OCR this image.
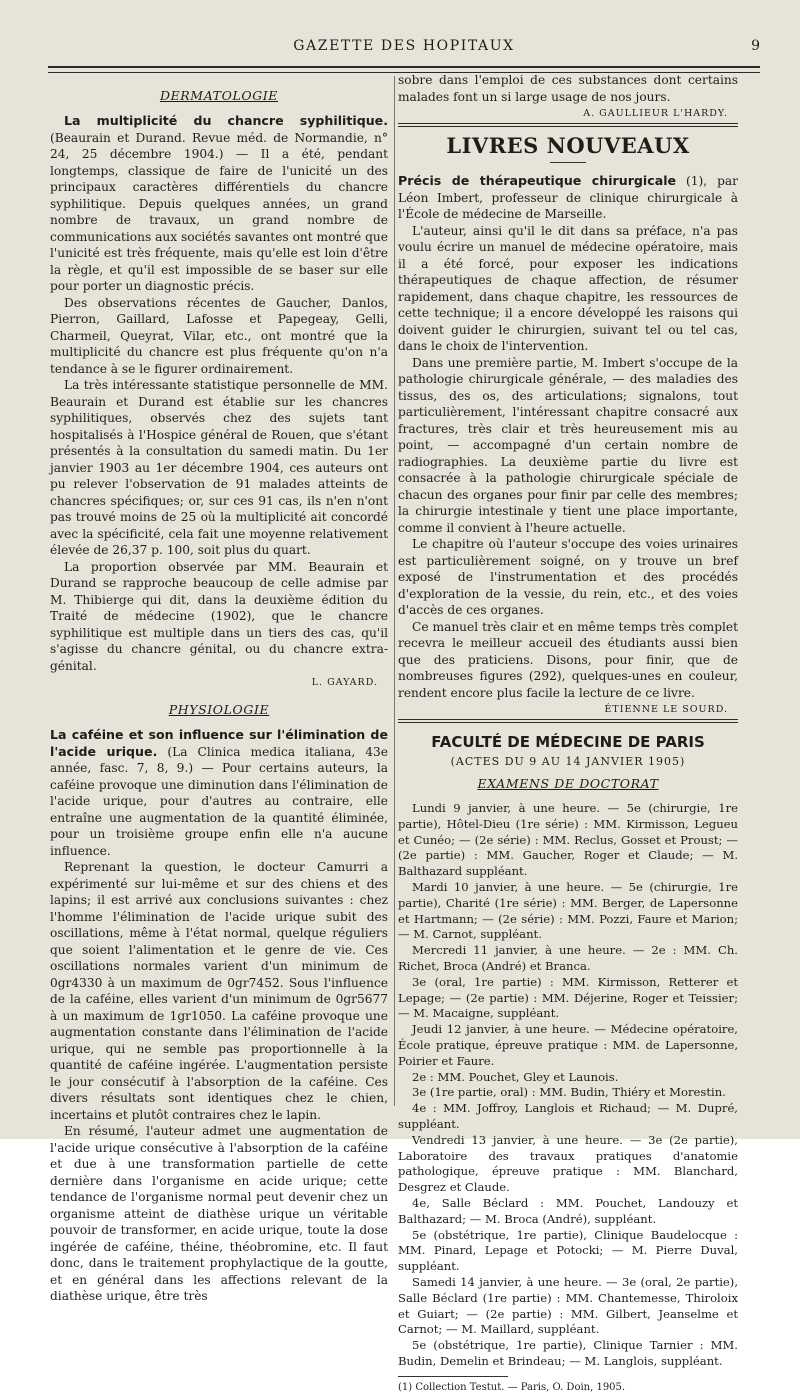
GAZETTE DES HOPITAUX	9
DERMATOLOGIE

La multiplicité du chancre syphilitique. (Beaurain et Durand. Revue méd. de Normandie, n° 24, 25 décembre 1904.) — Il a été, pendant longtemps, classique de faire de l'unicité un des principaux caractères différentiels du chancre syphilitique. Depuis quelques années, un grand nombre de travaux, un grand nombre de communications aux sociétés savantes ont montré que l'unicité est très fréquente, mais qu'elle est loin d'être la règle, et qu'il est impossible de se baser sur elle pour porter un diagnostic précis.

Des observations récentes de Gaucher, Danlos, Pierron, Gaillard, Lafosse et Papegeay, Gelli, Charmeil, Queyrat, Vilar, etc., ont montré que la multiplicité du chancre est plus fréquente qu'on n'a tendance à se le figurer ordinairement.

La très intéressante statistique personnelle de MM. Beaurain et Durand est établie sur les chancres syphilitiques, observés chez des sujets tant hospitalisés à l'Hospice général de Rouen, que s'étant présentés à la consultation du samedi matin. Du 1er janvier 1903 au 1er décembre 1904, ces auteurs ont pu relever l'observation de 91 malades atteints de chancres spécifiques; or, sur ces 91 cas, ils n'en n'ont pas trouvé moins de 25 où la multiplicité ait concordé avec la spécificité, cela fait une moyenne relativement élevée de 26,37 p. 100, soit plus du quart.

La proportion observée par MM. Beaurain et Durand se rapproche beaucoup de celle admise par M. Thibierge qui dit, dans la deuxième édition du Traité de médecine (1902), que le chancre syphilitique est multiple dans un tiers des cas, qu'il s'agisse du chancre génital, ou du chancre extra-génital.

L. GAYARD.
PHYSIOLOGIE

La caféine et son influence sur l'élimination de l'acide urique. (La Clinica medica italiana, 43e année, fasc. 7, 8, 9.) — Pour certains auteurs, la caféine provoque une diminution dans l'élimination de l'acide urique, pour d'autres au contraire, elle entraîne une augmentation de la quantité éliminée, pour un troisième groupe enfin elle n'a aucune influence.

Reprenant la question, le docteur Camurri a expérimenté sur lui-même et sur des chiens et des lapins; il est arrivé aux conclusions suivantes : chez l'homme l'élimination de l'acide urique subit des oscillations, même à l'état normal, quelque réguliers que soient l'alimentation et le genre de vie. Ces oscillations normales varient d'un minimum de 0gr4330 à un maximum de 0gr7452. Sous l'influence de la caféine, elles varient d'un minimum de 0gr5677 à un maximum de 1gr1050. La caféine provoque une augmentation constante dans l'élimination de l'acide urique, qui ne semble pas proportionnelle à la quantité de caféine ingérée. L'augmentation persiste le jour consécutif à l'absorption de la caféine. Ces divers résultats sont identiques chez le chien, incertains et plutôt contraires chez le lapin.

En résumé, l'auteur admet une augmentation de l'acide urique consécutive à l'absorption de la caféine et due à une transformation partielle de cette dernière dans l'organisme en acide urique; cette tendance de l'organisme normal peut devenir chez un organisme atteint de diathèse urique un véritable pouvoir de transformer, en acide urique, toute la dose ingérée de caféine, théine, théobromine, etc. Il faut donc, dans le traitement prophylactique de la goutte, et en général dans les affections relevant de la diathèse urique, être très

sobre dans l'emploi de ces substances dont certains malades font un si large usage de nos jours.

A. GAULLIEUR L'HARDY.
LIVRES NOUVEAUX

Précis de thérapeutique chirurgicale (1), par Léon Imbert, professeur de clinique chirurgicale à l'École de médecine de Marseille.

L'auteur, ainsi qu'il le dit dans sa préface, n'a pas voulu écrire un manuel de médecine opératoire, mais il a été forcé, pour exposer les indications thérapeutiques de chaque affection, de résumer rapidement, dans chaque chapitre, les ressources de cette technique; il a encore développé les raisons qui doivent guider le chirurgien, suivant tel ou tel cas, dans le choix de l'intervention.

Dans une première partie, M. Imbert s'occupe de la pathologie chirurgicale générale, — des maladies des tissus, des os, des articulations; signalons, tout particulièrement, l'intéressant chapitre consacré aux fractures, très clair et très heureusement mis au point, — accompagné d'un certain nombre de radiographies. La deuxième partie du livre est consacrée à la pathologie chirurgicale spéciale de chacun des organes pour finir par celle des membres; la chirurgie intestinale y tient une place importante, comme il convient à l'heure actuelle.

Le chapitre où l'auteur s'occupe des voies urinaires est particulièrement soigné, on y trouve un bref exposé de l'instrumentation et des procédés d'exploration de la vessie, du rein, etc., et des voies d'accès de ces organes.

Ce manuel très clair et en même temps très complet recevra le meilleur accueil des étudiants aussi bien que des praticiens. Disons, pour finir, que de nombreuses figures (292), quelques-unes en couleur, rendent encore plus facile la lecture de ce livre.

ÉTIENNE LE SOURD.
FACULTÉ DE MÉDECINE DE PARIS
(ACTES DU 9 AU 14 JANVIER 1905)
EXAMENS DE DOCTORAT

Lundi 9 janvier, à une heure. — 5e (chirurgie, 1re partie), Hôtel-Dieu (1re série) : MM. Kirmisson, Legueu et Cunéo; — (2e série) : MM. Reclus, Gosset et Proust; — (2e partie) : MM. Gaucher, Roger et Claude; — M. Balthazard suppléant.

Mardi 10 janvier, à une heure. — 5e (chirurgie, 1re partie), Charité (1re série) : MM. Berger, de Lapersonne et Hartmann; — (2e série) : MM. Pozzi, Faure et Marion; — M. Carnot, suppléant.

Mercredi 11 janvier, à une heure. — 2e : MM. Ch. Richet, Broca (André) et Branca.

3e (oral, 1re partie) : MM. Kirmisson, Retterer et Lepage; — (2e partie) : MM. Déjerine, Roger et Teissier; — M. Macaigne, suppléant.

Jeudi 12 janvier, à une heure. — Médecine opératoire, École pratique, épreuve pratique : MM. de Lapersonne, Poirier et Faure.

2e : MM. Pouchet, Gley et Launois.

3e (1re partie, oral) : MM. Budin, Thiéry et Morestin.

4e : MM. Joffroy, Langlois et Richaud; — M. Dupré, suppléant.

Vendredi 13 janvier, à une heure. — 3e (2e partie), Laboratoire des travaux pratiques d'anatomie pathologique, épreuve pratique : MM. Blanchard, Desgrez et Claude.

4e, Salle Béclard : MM. Pouchet, Landouzy et Balthazard; — M. Broca (André), suppléant.

5e (obstétrique, 1re partie), Clinique Baudelocque : MM. Pinard, Lepage et Potocki; — M. Pierre Duval, suppléant.

Samedi 14 janvier, à une heure. — 3e (oral, 2e partie), Salle Béclard (1re partie) : MM. Chantemesse, Thiroloix et Guiart; — (2e partie) : MM. Gilbert, Jeanselme et Carnot; — M. Maillard, suppléant.

5e (obstétrique, 1re partie), Clinique Tarnier : MM. Budin, Demelin et Brindeau; — M. Langlois, suppléant.

(1) Collection Testut. — Paris, O. Doin, 1905.
